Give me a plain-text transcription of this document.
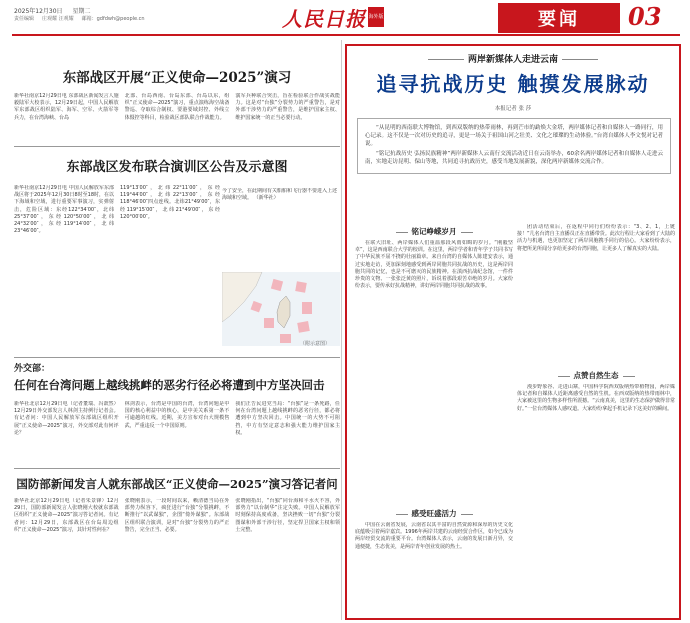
2025年12月30日 星期二
责任编辑 庄观耀 汪观耀 邮箱：gdfdwh@people.cn	人民日报 海外版	要闻 03
东部战区开展“正义使命—2025”演习
新华社南京12月29日电 东部战区新闻发言人施毅陆军大校表示，12月29日起，中国人民解放军东部战区组织陆军、海军、空军、火箭军等兵力，在台湾海峡、台岛
北部、台岛西南、台岛东部、台岛以东，组织“正义使命—2025”演习，重点演练海空战备警巡、夺取综合制权、要港要域封控、外线立体慑控等科目，检验战区部队联合作战能力。
演军兵种联合突击，旨在检验联合作战实战能力。这是对“台独”分裂势力的严重警告，是对外部干涉势力的严重警告，是维护国家主权、维护国家统一的正当必要行动。
东部战区发布联合演训区公告及示意图
新华社南京12月29日电 中国人民解放军东部战区将于2025年12月30日8时至18时，在以下海域和空域，进行重要军事演习，实弹射击，危险区域：东经122°34′00″，北纬25°37′00″，东经120°50′00″，北纬24°32′00″，东经119°14′00″，北纬23°46′00″。
119°13′00″，北纬22°11′00″，东经119°44′00″，北纬22°13′00″，东经118°46′00″四点连线。北纬21°49′00″，东经119°15′00″，北纬21°49′00″，东经120°00′00″。
今了安全，在此期间有关船舶和飞行器不要进入上述海域和空域。 （新华社）
（附示意图）
外交部：
任何在台湾问题上越线挑衅的恶劣行径必将遭到中方坚决回击
新华社北京12月29日电（记者董瑞、冯歆然）12月29日外交部发言人林剑主持例行记者会。有记者问：中国人民解放军东部战区组织开展“正义使命—2025”演习，外交部对此有何评论？
林剑表示，台湾是中国的台湾，台湾问题是中国的核心利益中的核心，是中美关系第一条不可逾越的红线。近期，美方宣布对台大规模售武，严重违反一个中国原则。
我们正告民进党当局：“台独”是一条死路，任何在台湾问题上越线挑衅的恶劣行径，都必将遭到中方坚决回击。中国统一的大势不可阻挡，中方有坚定意志和强大能力维护国家主权。
国防部新闻发言人就东部战区“正义使命—2025”演习答记者问
新华社北京12月29日电（记者朱景锋）12月29日，国防部新闻发言人张晓刚大校就东部战区组织“正义使命—2025”演习答记者问。有记者问：12月29日，东部战区在台岛周边组织“正义使命—2025”演习，其针对性何在？
张晓刚表示，一段时间以来，赖清德当局在外部势力纵容下，疯狂进行“台独”分裂挑衅，不断推行“以武谋独”，企图“倚外谋独”。东部战区组织联合演训，是对“台独”分裂势力的严正警告，完全正当、必要。
张晓刚指出，“台独”同台海和平水火不容，外部势力“以台制华”注定失败。中国人民解放军时刻保持高度戒备，坚决挫败一切“台独”分裂图谋和外部干涉行径，坚定捍卫国家主权和领土完整。
两岸新媒体人走进云南
追寻抗战历史 触摸发展脉动
本报记者 张 莎

“从昆明的西南联大博物馆，到西双版纳的热带雨林，再到芒市的勐焕大金塔，两岸媒体记者和自媒体人一路同行，用心记录。这不仅是一次对历史的追寻，更是一场关于祖国山河之壮美、文化之璀璨的生动体验。”台湾自媒体人李文悦对记者说。

“铭记抗战历史 弘扬民族精神”两岸新媒体人云南行交流活动近日在云南举办，60余名两岸媒体记者和自媒体人走进云南，实地走访昆明、保山等地，共同追寻抗战历史，感受当地发展新貌，深化两岸新媒体交流合作。

铭记峥嵘岁月
在联大旧址、两岸媒体人们重温那段风雨如晦的岁月。“刚毅坚卓”，这是西南联合大学的校训。在这里，两岸学者和青年学子共同书写了中华民族不屈不挠的壮丽篇章。来自台湾的自媒体人陈建安表示，通过实地走访，更加深刻地感受到两岸同胞共同抗战的历史，这是两岸同胞共同的记忆，也是不可磨灭的民族精神。在滇西抗战纪念馆，一件件珍贵的文物、一张张泛黄的照片，诉说着那段艰苦卓绝的岁月。大家纷纷表示，要传承好抗战精神，讲好两岸同胞共同抗战的故事。
感受旺盛活力
中国在云南省发展，云南省以其丰富的自然资源和深厚的历史文化底蕴吸引着两岸嘉宾。1996年两岸共建的云南经贸合作区，如今已成为两岸经贸交流的重要平台。台湾媒体人表示，云南的发展日新月异，交通便捷，生态优美，是两岸青年创业发展的热土。
团活动结束后，在返程中同行们纷纷表示：“3、2、1，上链接！”几名台湾自主直播员正在直播带货。此次行程让大家看到了大陆的活力与机遇，也更加坚定了两岸同胞携手同行的信心。大家纷纷表示，将把所见所闻分享给更多的台湾同胞，让更多人了解真实的大陆。
点赞自然生态
漫步野象谷、走进山寨，中国科学院西双版纳热带植物园，两岸媒体记者和自媒体人近距离感受自然的生机。在西双版纳的热带雨林中，大家被这里的生物多样性所震撼。“云南真美，这里的生态保护做得非常好。”一位台湾媒体人感叹道。大家纷纷拿起手机记录下这美好的瞬间。
